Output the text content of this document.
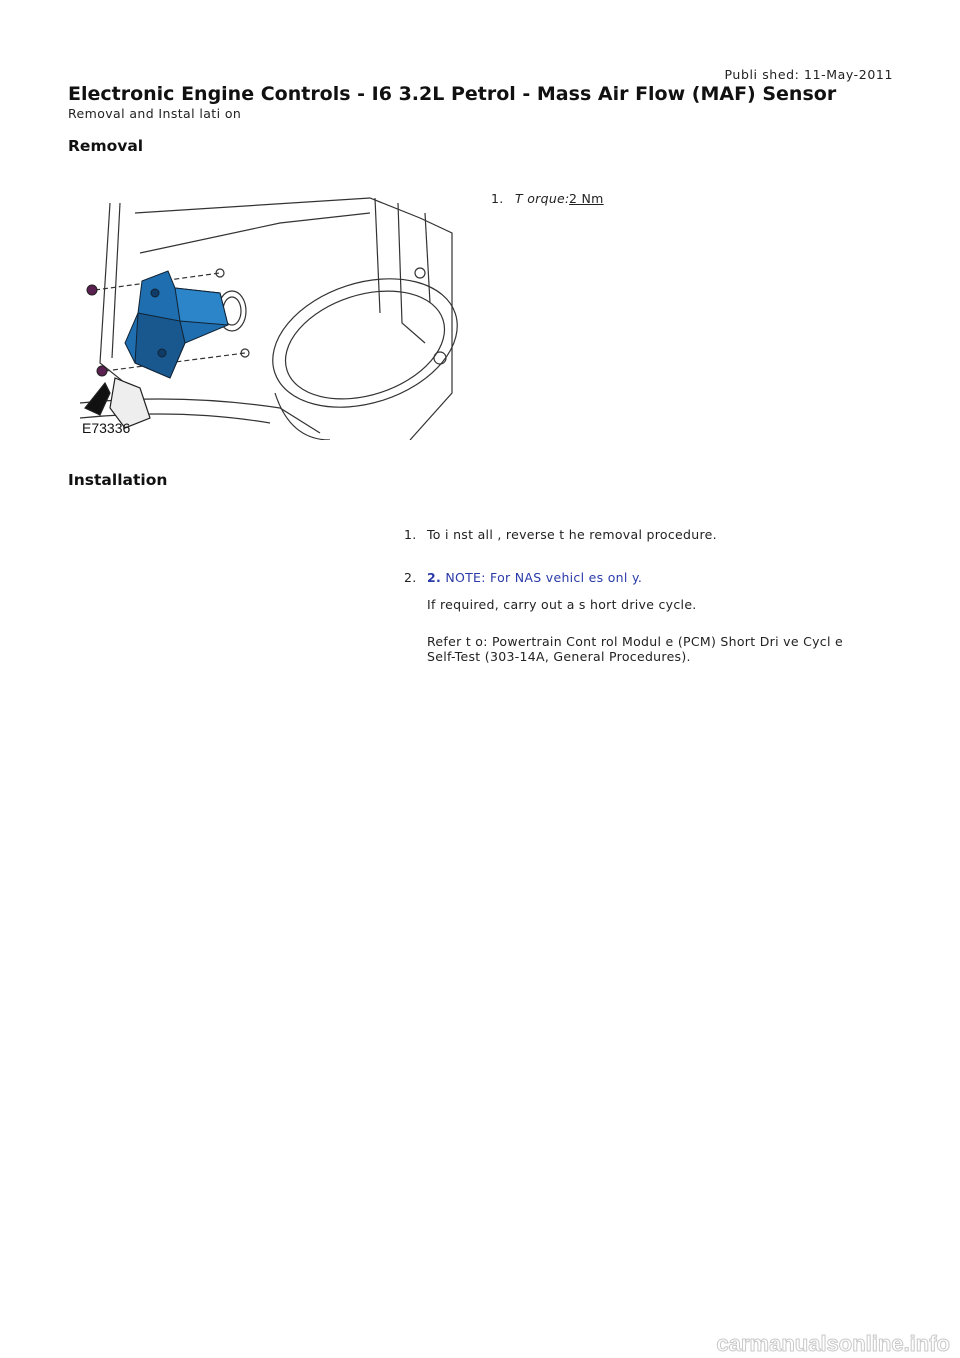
Publi shed: 11-May-2011
Electronic Engine Controls - I6 3.2L Petrol - Mass Air Flow (MAF) Sensor
Removal and Instal lati on
Removal
E73336
1. T orque: 2 Nm
Installation
1. To i nst all , reverse t he removal procedure.
2. 2. NOTE: For NAS vehicl es onl y.
If required, carry out a s hort drive cycle.
Refer t o: Powertrain Cont rol Modul e (PCM) Short Dri ve Cycl e
Self-Test (303-14A, General Procedures).
carmanualsonline.info
